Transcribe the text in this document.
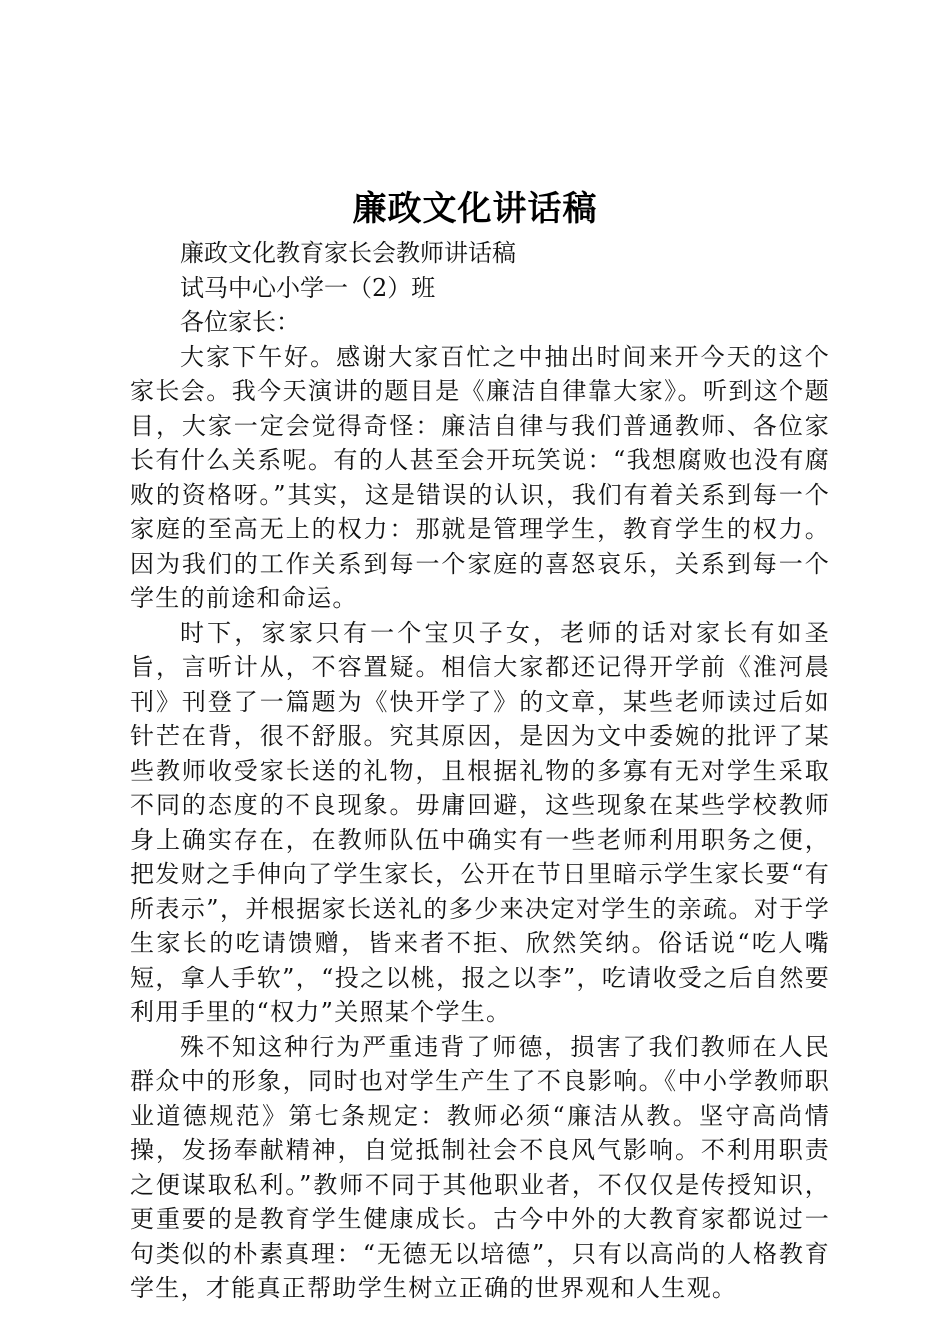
廉政文化讲话稿

廉政文化教育家长会教师讲话稿

试马中心小学一（2）班

各位家长：

大家下午好。感谢大家百忙之中抽出时间来开今天的这个家长会。我今天演讲的题目是《廉洁自律靠大家》。听到这个题目，大家一定会觉得奇怪：廉洁自律与我们普通教师、各位家长有什么关系呢。有的人甚至会开玩笑说：“我想腐败也没有腐败的资格呀。”其实，这是错误的认识，我们有着关系到每一个家庭的至高无上的权力：那就是管理学生，教育学生的权力。因为我们的工作关系到每一个家庭的喜怒哀乐，关系到每一个学生的前途和命运。

时下，家家只有一个宝贝子女，老师的话对家长有如圣旨，言听计从，不容置疑。相信大家都还记得开学前《淮河晨刊》刊登了一篇题为《快开学了》的文章，某些老师读过后如针芒在背，很不舒服。究其原因，是因为文中委婉的批评了某些教师收受家长送的礼物，且根据礼物的多寡有无对学生采取不同的态度的不良现象。毋庸回避，这些现象在某些学校教师身上确实存在，在教师队伍中确实有一些老师利用职务之便，把发财之手伸向了学生家长，公开在节日里暗示学生家长要“有所表示”，并根据家长送礼的多少来决定对学生的亲疏。对于学生家长的吃请馈赠，皆来者不拒、欣然笑纳。俗话说“吃人嘴短，拿人手软”，“投之以桃，报之以李”，吃请收受之后自然要利用手里的“权力”关照某个学生。

殊不知这种行为严重违背了师德，损害了我们教师在人民群众中的形象，同时也对学生产生了不良影响。《中小学教师职业道德规范》第七条规定：教师必须“廉洁从教。坚守高尚情操，发扬奉献精神，自觉抵制社会不良风气影响。不利用职责之便谋取私利。”教师不同于其他职业者，不仅仅是传授知识，更重要的是教育学生健康成长。古今中外的大教育家都说过一句类似的朴素真理：“无德无以培德”，只有以高尚的人格教育学生，才能真正帮助学生树立正确的世界观和人生观。
